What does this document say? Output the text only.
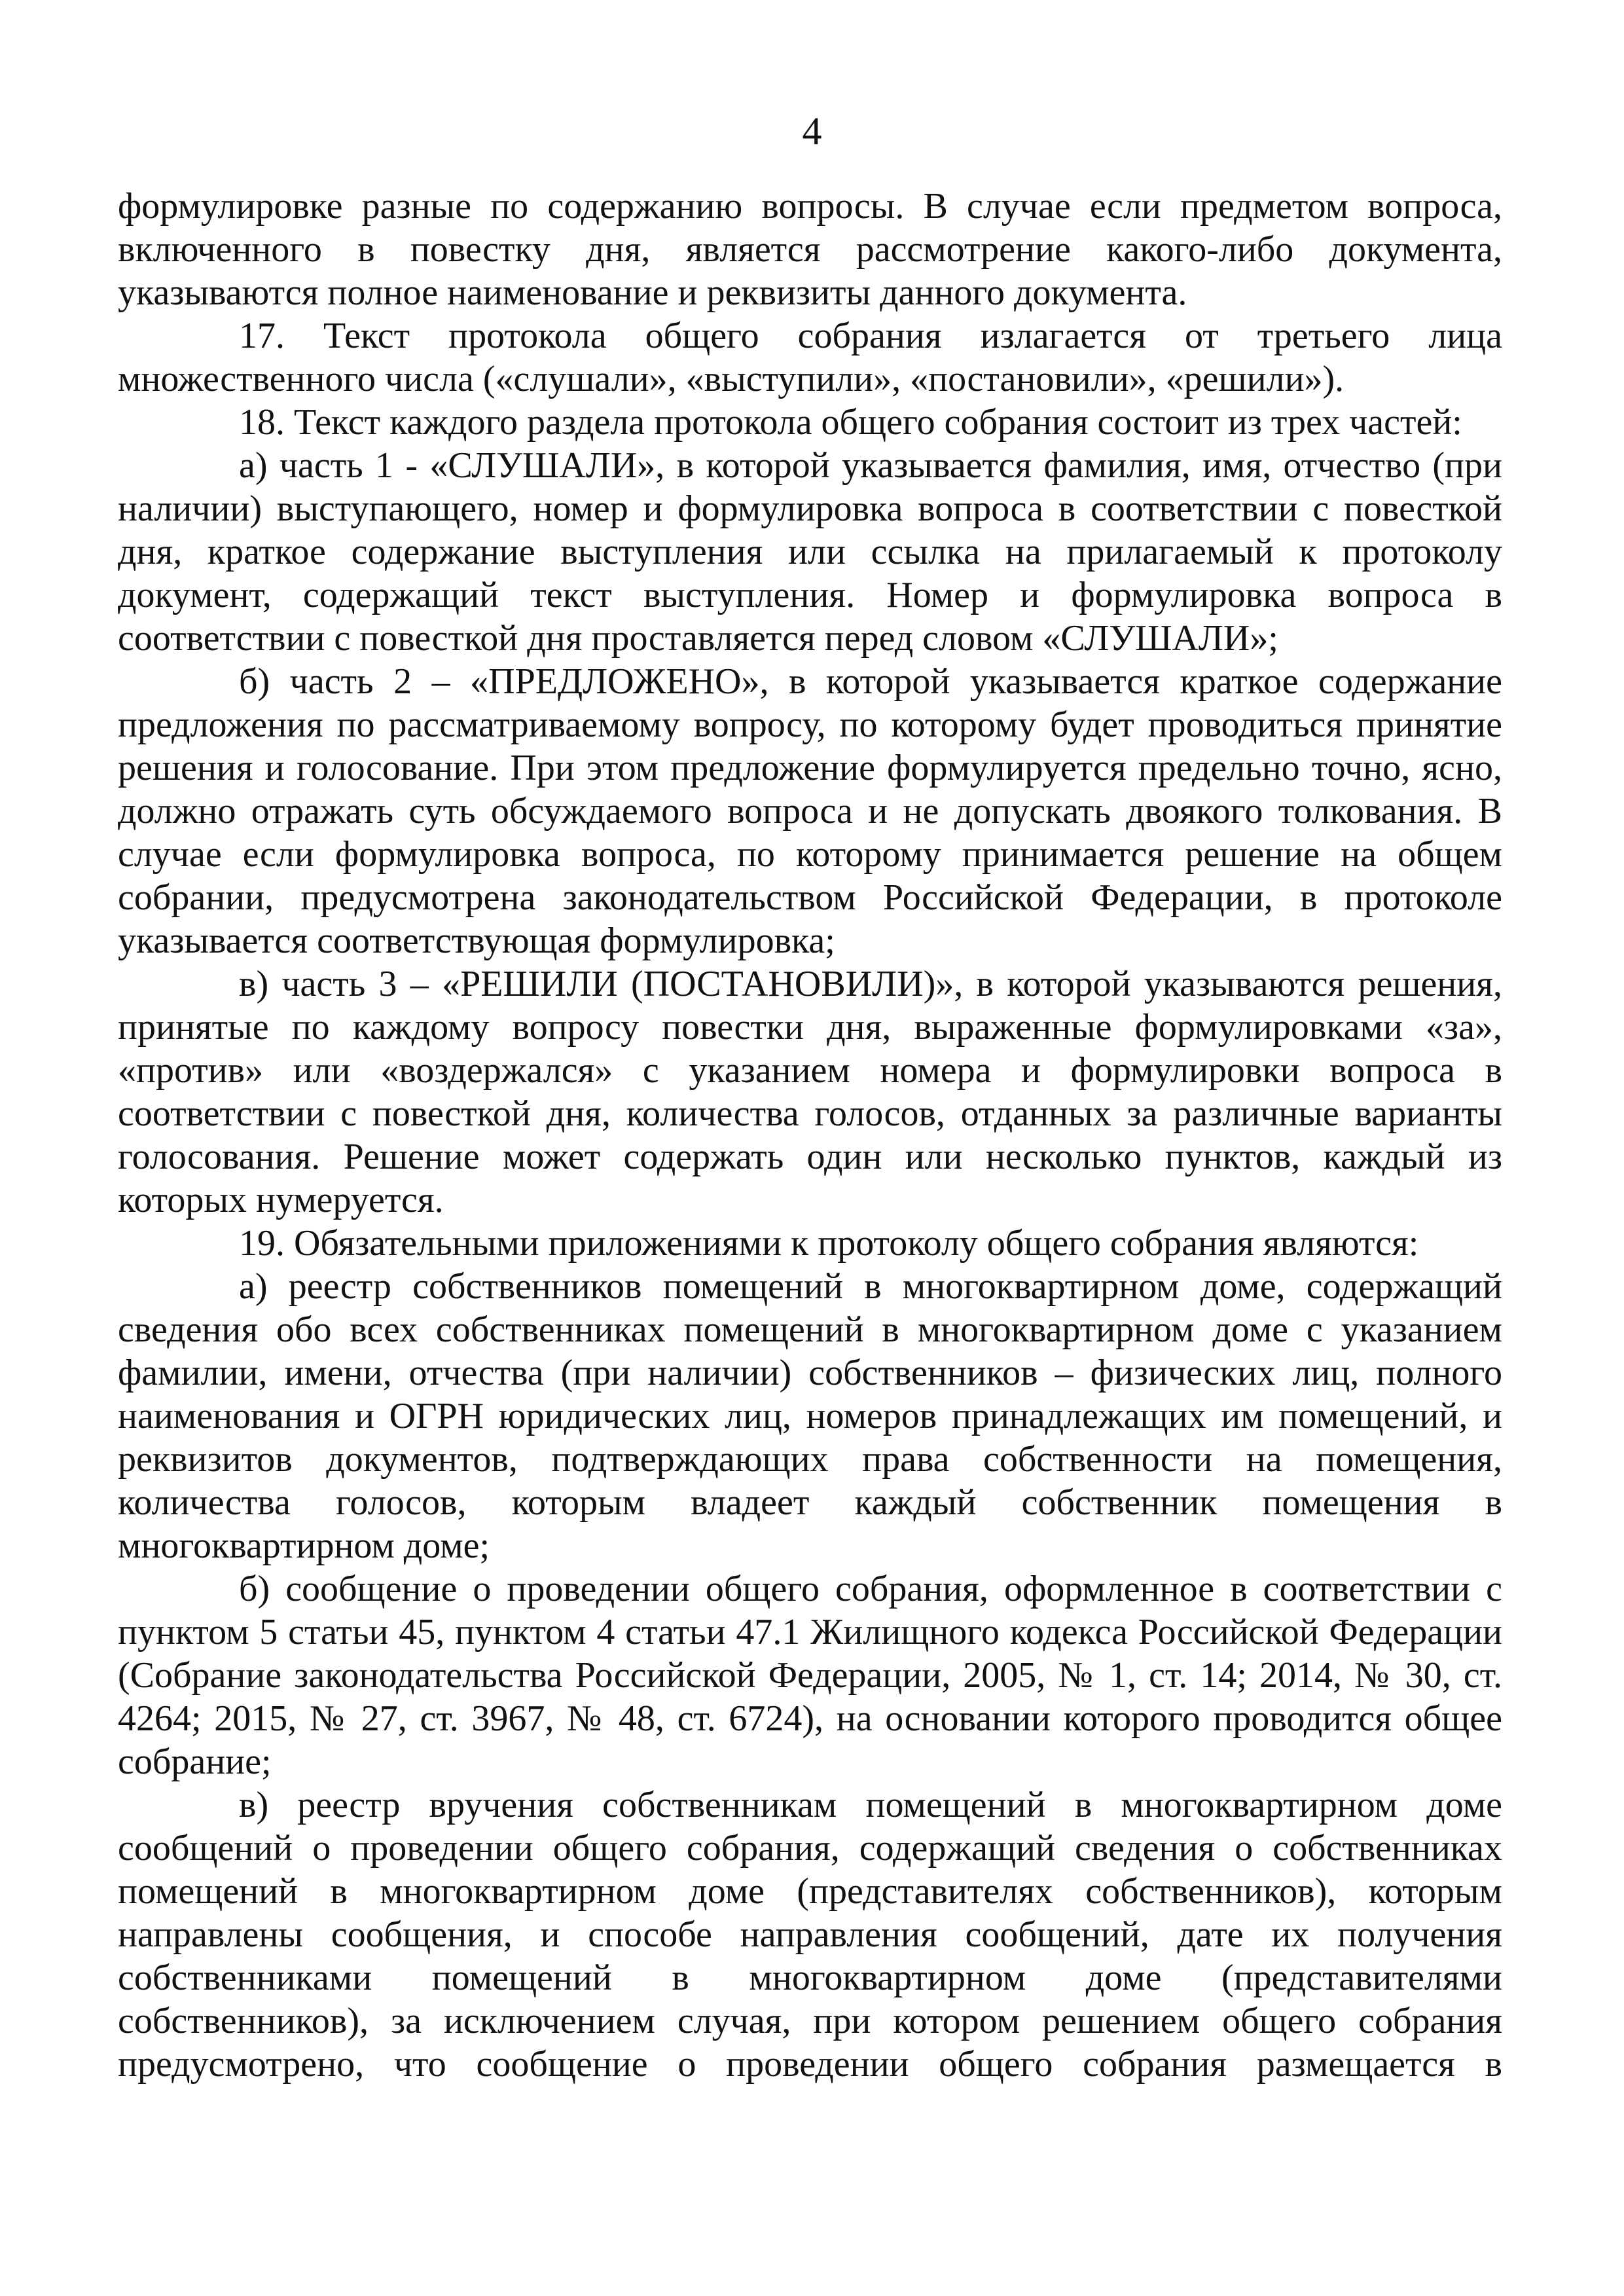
4

формулировке разные по содержанию вопросы. В случае если предметом вопроса, включенного в повестку дня, является рассмотрение какого-либо документа, указываются полное наименование и реквизиты данного документа.

17. Текст протокола общего собрания излагается от третьего лица множественного числа («слушали», «выступили», «постановили», «решили»).

18. Текст каждого раздела протокола общего собрания состоит из трех частей:

а) часть 1 - «СЛУШАЛИ», в которой указывается фамилия, имя, отчество (при наличии) выступающего, номер и формулировка вопроса в соответствии с повесткой дня, краткое содержание выступления или ссылка на прилагаемый к протоколу документ, содержащий текст выступления. Номер и формулировка вопроса в соответствии с повесткой дня проставляется перед словом «СЛУШАЛИ»;

б) часть 2 – «ПРЕДЛОЖЕНО», в которой указывается краткое содержание предложения по рассматриваемому вопросу, по которому будет проводиться принятие решения и голосование. При этом предложение формулируется предельно точно, ясно, должно отражать суть обсуждаемого вопроса и не допускать двоякого толкования. В случае если формулировка вопроса, по которому принимается решение на общем собрании, предусмотрена законодательством Российской Федерации, в протоколе указывается соответствующая формулировка;

в) часть 3 – «РЕШИЛИ (ПОСТАНОВИЛИ)», в которой указываются решения, принятые по каждому вопросу повестки дня, выраженные формулировками «за», «против» или «воздержался» с указанием номера и формулировки вопроса в соответствии с повесткой дня, количества голосов, отданных за различные варианты голосования. Решение может содержать один или несколько пунктов, каждый из которых нумеруется.

19. Обязательными приложениями к протоколу общего собрания являются:

а) реестр собственников помещений в многоквартирном доме, содержащий сведения обо всех собственниках помещений в многоквартирном доме с указанием фамилии, имени, отчества (при наличии) собственников – физических лиц, полного наименования и ОГРН юридических лиц, номеров принадлежащих им помещений, и реквизитов документов, подтверждающих права собственности на помещения, количества голосов, которым владеет каждый собственник помещения в многоквартирном доме;

б) сообщение о проведении общего собрания, оформленное в соответствии с пунктом 5 статьи 45, пунктом 4 статьи 47.1 Жилищного кодекса Российской Федерации (Собрание законодательства Российской Федерации, 2005, № 1, ст. 14; 2014, № 30, ст. 4264; 2015, № 27, ст. 3967, № 48, ст. 6724), на основании которого проводится общее собрание;

в) реестр вручения собственникам помещений в многоквартирном доме сообщений о проведении общего собрания, содержащий сведения о собственниках помещений в многоквартирном доме (представителях собственников), которым направлены сообщения, и способе направления сообщений, дате их получения собственниками помещений в многоквартирном доме (представителями собственников), за исключением случая, при котором решением общего собрания предусмотрено, что сообщение о проведении общего собрания размещается в
